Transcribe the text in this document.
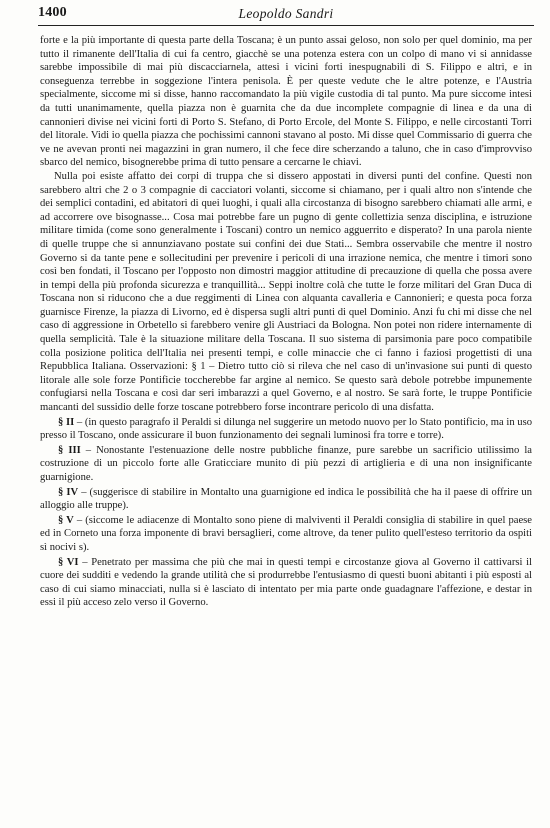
1400	Leopoldo Sandri

forte e la più importante di questa parte della Toscana; è un punto assai geloso, non solo per quel dominio, ma per tutto il rimanente dell'Italia di cui fa centro, giacchè se una potenza estera con un colpo di mano vi si annidasse sarebbe impossibile di mai più discacciarnela, attesi i vicini forti inespugnabili di S. Filippo e altri, e in conseguenza terrebbe in soggezione l'intera penisola. È per queste vedute che le altre potenze, e l'Austria specialmente, siccome mi si disse, hanno raccomandato la più vigile custodia di tal punto. Ma pure siccome intesi da tutti unanimamente, quella piazza non è guarnita che da due incomplete compagnie di linea e da una di cannonieri divise nei vicini forti di Porto S. Stefano, di Porto Ercole, del Monte S. Filippo, e nelle circostanti Torri del litorale. Vidi io quella piazza che pochissimi cannoni stavano al posto. Mi disse quel Commissario di guerra che ve ne avevan pronti nei magazzini in gran numero, il che fece dire scherzando a taluno, che in caso d'improvviso sbarco del nemico, bisognerebbe prima di tutto pensare a cercarne le chiavi.

Nulla poi esiste affatto dei corpi di truppa che si dissero appostati in diversi punti del confine. Questi non sarebbero altri che 2 o 3 compagnie di cacciatori volanti, siccome si chiamano, per i quali altro non s'intende che dei semplici contadini, ed abitatori di quei luoghi, i quali alla circostanza di bisogno sarebbero chiamati alle armi, e ad accorrere ove bisognasse... Cosa mai potrebbe fare un pugno di gente collettizia senza disciplina, e istruzione militare timida (come sono generalmente i Toscani) contro un nemico agguerrito e disperato? In una parola niente di quelle truppe che si annunziavano postate sui confini dei due Stati... Sembra osservabile che mentre il nostro Governo si da tante pene e sollecitudini per prevenire i pericoli di una irrazione nemica, che mentre i timori sono così ben fondati, il Toscano per l'opposto non dimostri maggior attitudine di precauzione di quella che possa avere in tempi della più profonda sicurezza e tranquillità... Seppi inoltre colà che tutte le forze militari del Gran Duca di Toscana non si riducono che a due reggimenti di Linea con alquanta cavalleria e Cannonieri; e questa poca forza guarnisce Firenze, la piazza di Livorno, ed è dispersa sugli altri punti di quel Dominio. Anzi fu chi mi disse che nel caso di aggressione in Orbetello si farebbero venire gli Austriaci da Bologna. Non potei non ridere internamente di quella semplicità. Tale è la situazione militare della Toscana. Il suo sistema di parsimonia pare poco compatibile colla posizione politica dell'Italia nei presenti tempi, e colle minaccie che ci fanno i faziosi progettisti di una Repubblica Italiana. Osservazioni: § 1 – Dietro tutto ciò si rileva che nel caso di un'invasione sui punti di questo litorale alle sole forze Pontificie toccherebbe far argine al nemico. Se questo sarà debole potrebbe impunemente confugiarsi nella Toscana e così dar seri imbarazzi a quel Governo, e al nostro. Se sarà forte, le truppe Pontificie mancanti del sussidio delle forze toscane potrebbero forse incontrare pericolo di una disfatta.

§ II – (in questo paragrafo il Peraldi si dilunga nel suggerire un metodo nuovo per lo Stato pontificio, ma in uso presso il Toscano, onde assicurare il buon funzionamento dei segnali luminosi fra torre e torre).

§ III – Nonostante l'estenuazione delle nostre pubbliche finanze, pure sarebbe un sacrificio utilissimo la costruzione di un piccolo forte alle Graticciare munito di più pezzi di artiglieria e di una non insignificante guarnigione.

§ IV – (suggerisce di stabilire in Montalto una guarnigione ed indica le possibilità che ha il paese di offrire un alloggio alle truppe).

§ V – (siccome le adiacenze di Montalto sono piene di malviventi il Peraldi consiglia di stabilire in quel paese ed in Corneto una forza imponente di bravi bersaglieri, come altrove, da tener pulito quell'esteso territorio da ospiti sì nocivi s).

§ VI – Penetrato per massima che più che mai in questi tempi e circostanze giova al Governo il cattivarsi il cuore dei sudditi e vedendo la grande utilità che si produrrebbe l'entusiasmo di questi buoni abitanti i più esposti al caso di cui siamo minacciati, nulla si è lasciato di intentato per mia parte onde guadagnare l'affezione, e destar in essi il più acceso zelo verso il Governo.
